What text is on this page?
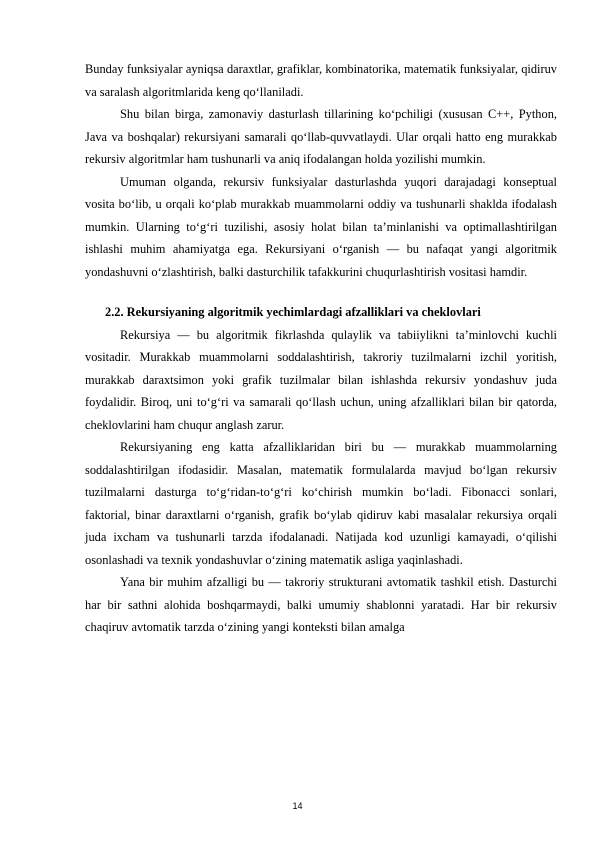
Bunday funksiyalar ayniqsa daraxtlar, grafiklar, kombinatorika, matematik funksiyalar, qidiruv va saralash algoritmlarida keng qo‘llaniladi.

Shu bilan birga, zamonaviy dasturlash tillarining ko‘pchiligi (xususan C++, Python, Java va boshqalar) rekursiyani samarali qo‘llab-quvvatlaydi. Ular orqali hatto eng murakkab rekursiv algoritmlar ham tushunarli va aniq ifodalangan holda yozilishi mumkin.

Umuman olganda, rekursiv funksiyalar dasturlashda yuqori darajadagi konseptual vosita bo‘lib, u orqali ko‘plab murakkab muammolarni oddiy va tushunarli shaklda ifodalash mumkin. Ularning to‘g‘ri tuzilishi, asosiy holat bilan ta’minlanishi va optimallashtirilgan ishlashi muhim ahamiyatga ega. Rekursiyani o‘rganish — bu nafaqat yangi algoritmik yondashuvni o‘zlashtirish, balki dasturchilik tafakkurini chuqurlashtirish vositasi hamdir.

2.2. Rekursiyaning algoritmik yechimlardagi afzalliklari va cheklovlari

Rekursiya — bu algoritmik fikrlashda qulaylik va tabiiylikni ta’minlovchi kuchli vositadir. Murakkab muammolarni soddalashtirish, takroriy tuzilmalarni izchil yoritish, murakkab daraxtsimon yoki grafik tuzilmalar bilan ishlashda rekursiv yondashuv juda foydalidir. Biroq, uni to‘g‘ri va samarali qo‘llash uchun, uning afzalliklari bilan bir qatorda, cheklovlarini ham chuqur anglash zarur.

Rekursiyaning eng katta afzalliklaridan biri bu — murakkab muammolarning soddalashtirilgan ifodasidir. Masalan, matematik formulalarda mavjud bo‘lgan rekursiv tuzilmalarni dasturga to‘g‘ridan-to‘g‘ri ko‘chirish mumkin bo‘ladi. Fibonacci sonlari, faktorial, binar daraxtlarni o‘rganish, grafik bo‘ylab qidiruv kabi masalalar rekursiya orqali juda ixcham va tushunarli tarzda ifodalanadi. Natijada kod uzunligi kamayadi, o‘qilishi osonlashadi va texnik yondashuvlar o‘zining matematik asliga yaqinlashadi.

Yana bir muhim afzalligi bu — takroriy strukturani avtomatik tashkil etish. Dasturchi har bir sathni alohida boshqarmaydi, balki umumiy shablonni yaratadi. Har bir rekursiv chaqiruv avtomatik tarzda o‘zining yangi konteksti bilan amalga

14
